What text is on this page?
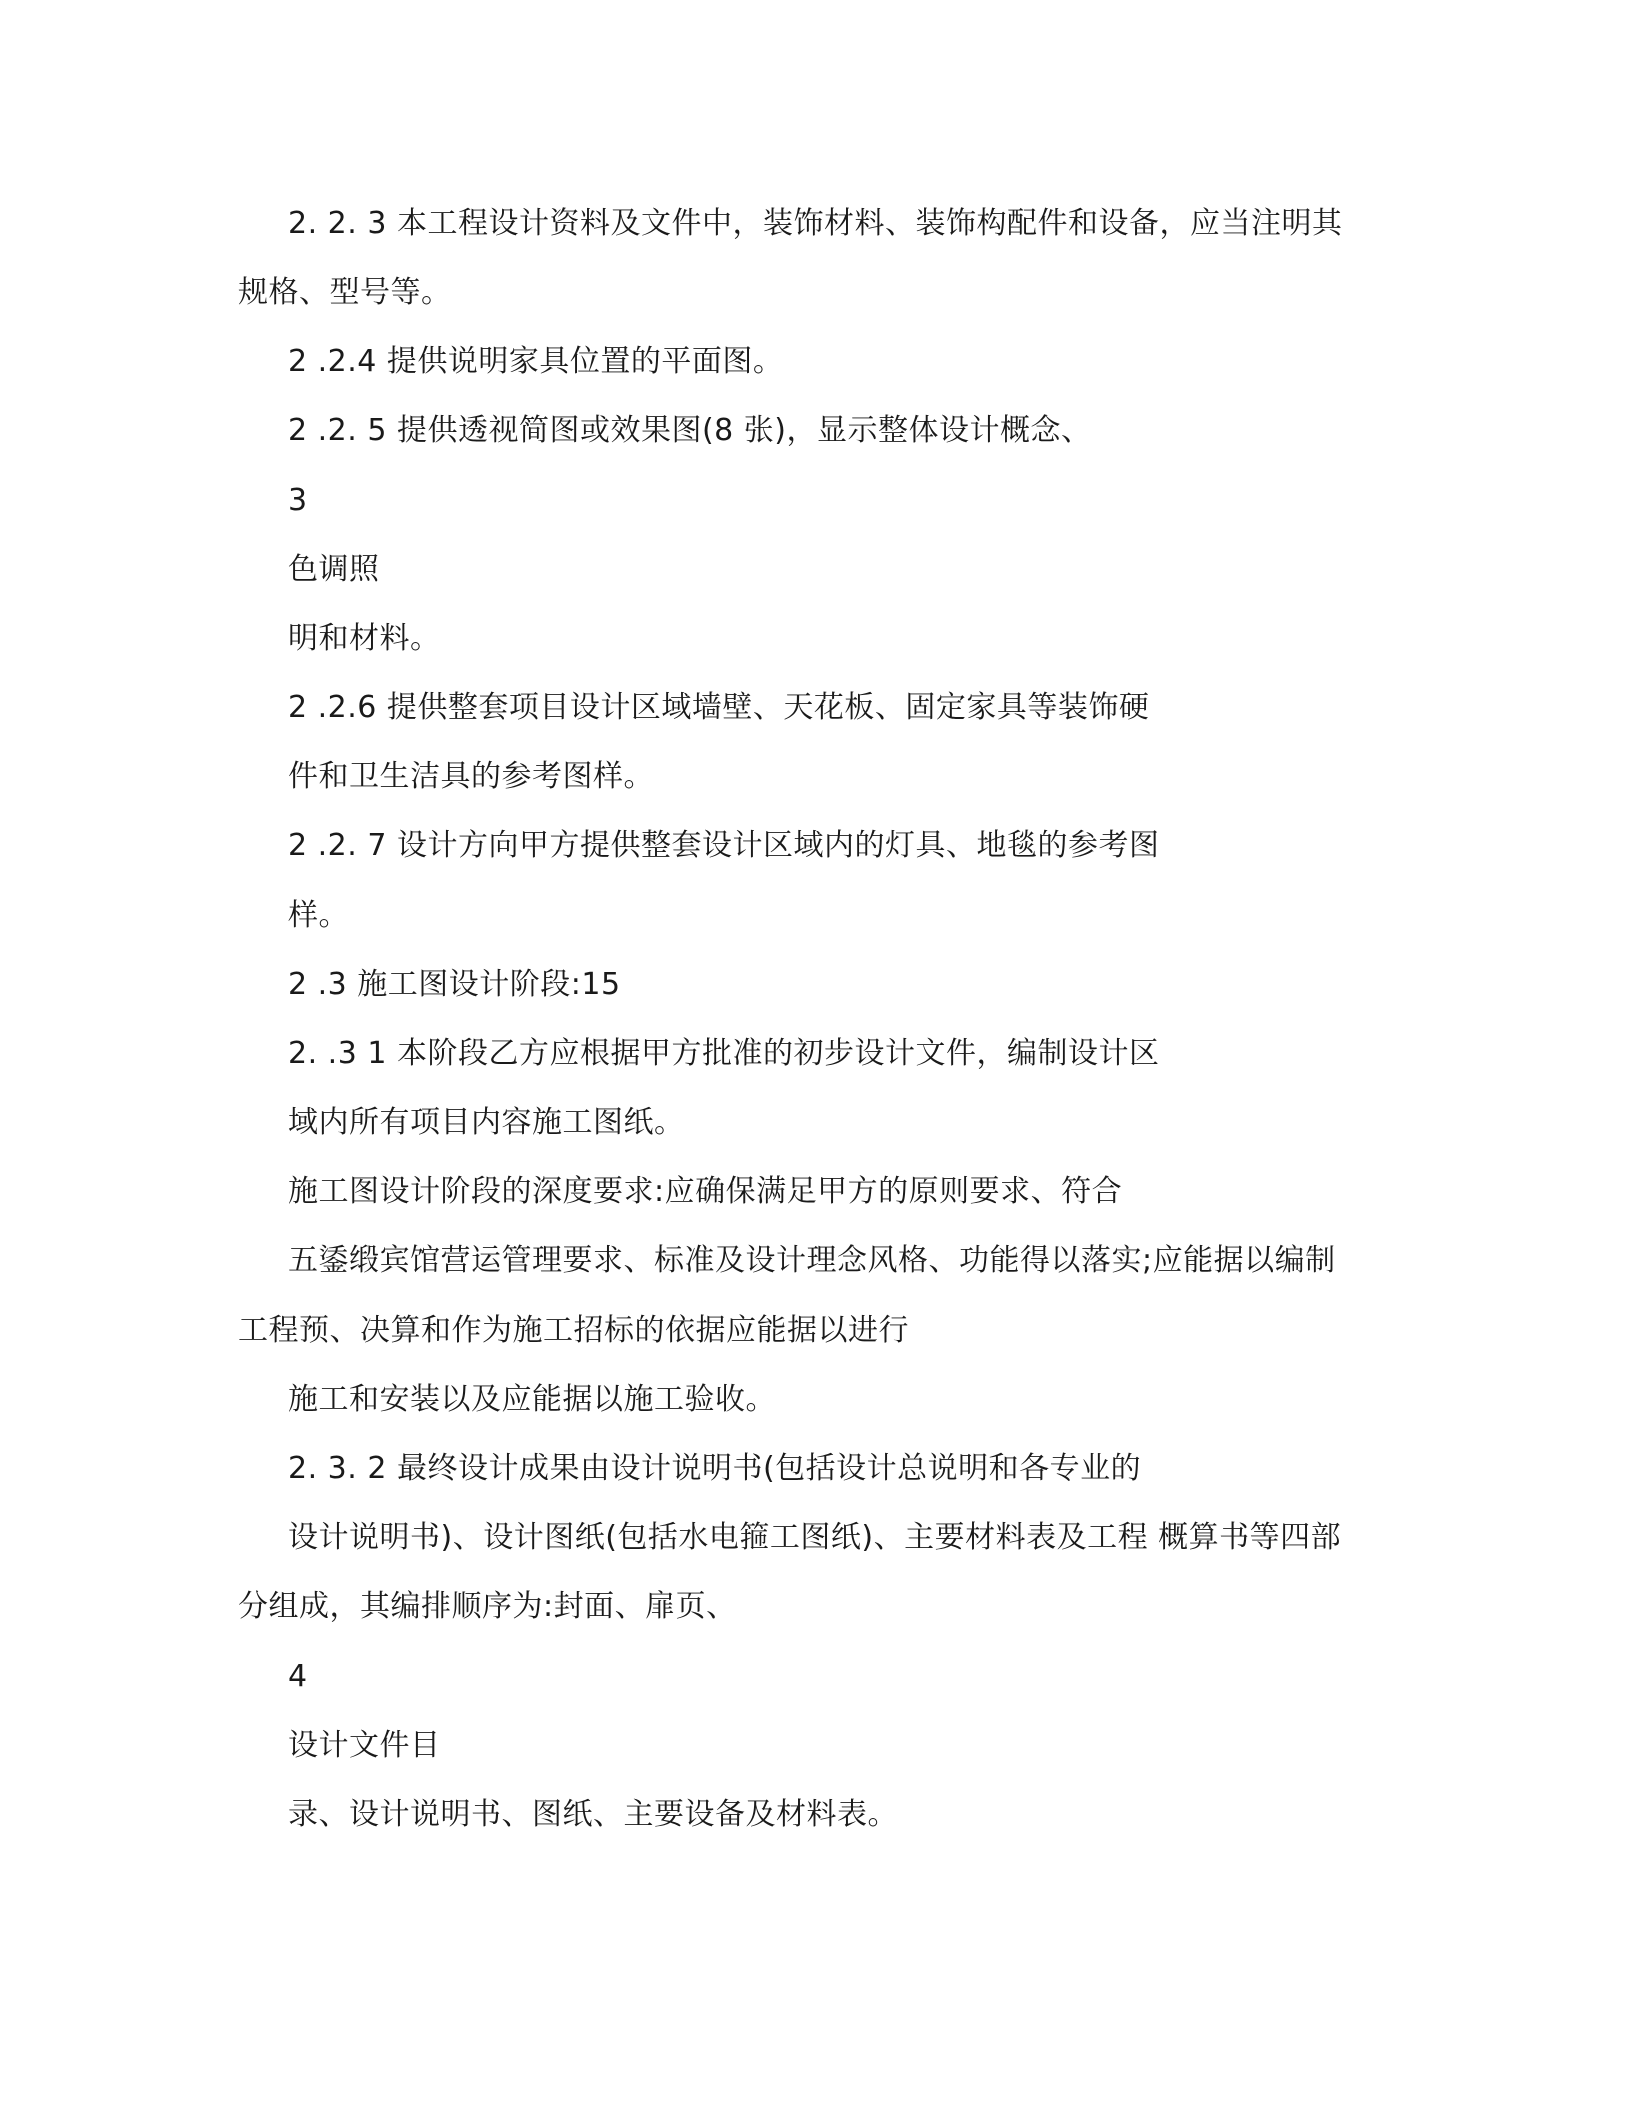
2. 2. 3 本工程设计资料及文件中，装饰材料、装饰构配件和设备，应当注明其
规格、型号等。
2 .2.4 提供说明家具位置的平面图。
2 .2. 5 提供透视简图或效果图(8 张)，显示整体设计概念、
3
色调照
明和材料。
2 .2.6 提供整套项目设计区域墙壁、天花板、固定家具等装饰硬
件和卫生洁具的参考图样。
2 .2. 7 设计方向甲方提供整套设计区域内的灯具、地毯的参考图
样。
2 .3 施工图设计阶段:15
2. .3 1 本阶段乙方应根据甲方批准的初步设计文件，编制设计区
域内所有项目内容施工图纸。
施工图设计阶段的深度要求:应确保满足甲方的原则要求、符合
五鋈缎宾馆营运管理要求、标准及设计理念风格、功能得以落实;应能据以编制
工程预、决算和作为施工招标的依据应能据以进行
施工和安装以及应能据以施工验收。
2. 3. 2 最终设计成果由设计说明书(包括设计总说明和各专业的
设计说明书)、设计图纸(包括水电箍工图纸)、主要材料表及工程 概算书等四部
分组成，其编排顺序为:封面、扉页、
4
设计文件目
录、设计说明书、图纸、主要设备及材料表。
